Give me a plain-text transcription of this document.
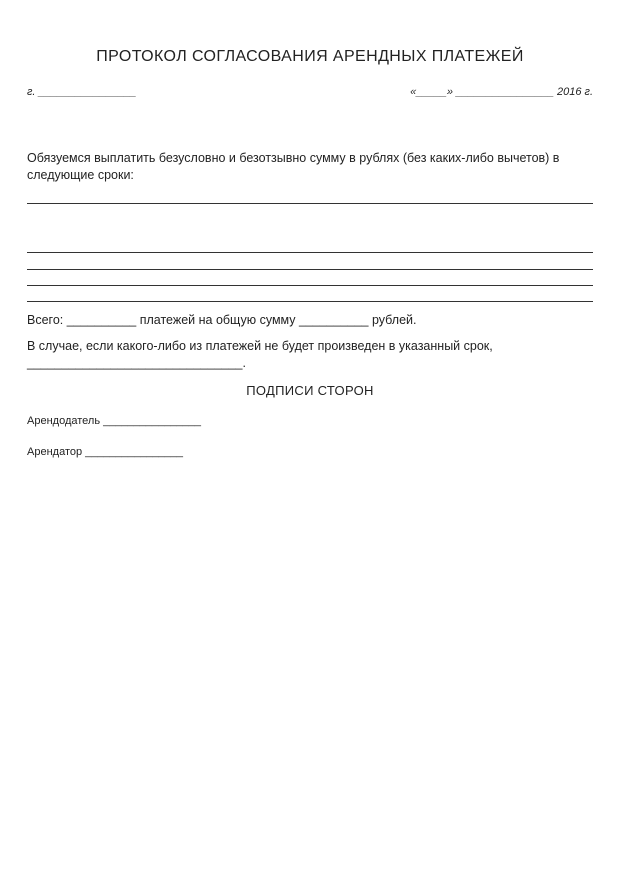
ПРОТОКОЛ СОГЛАСОВАНИЯ АРЕНДНЫХ ПЛАТЕЖЕЙ
г. ________________	«_____» ________________ 2016 г.
Обязуемся выплатить безусловно и безотзывно сумму в рублях (без каких-либо вычетов) в следующие сроки:
Всего: __________ платежей на общую сумму __________ рублей.
В случае, если какого-либо из платежей не будет произведен в указанный срок,
_______________________________.
ПОДПИСИ СТОРОН
Арендодатель ________________
Арендатор ________________
